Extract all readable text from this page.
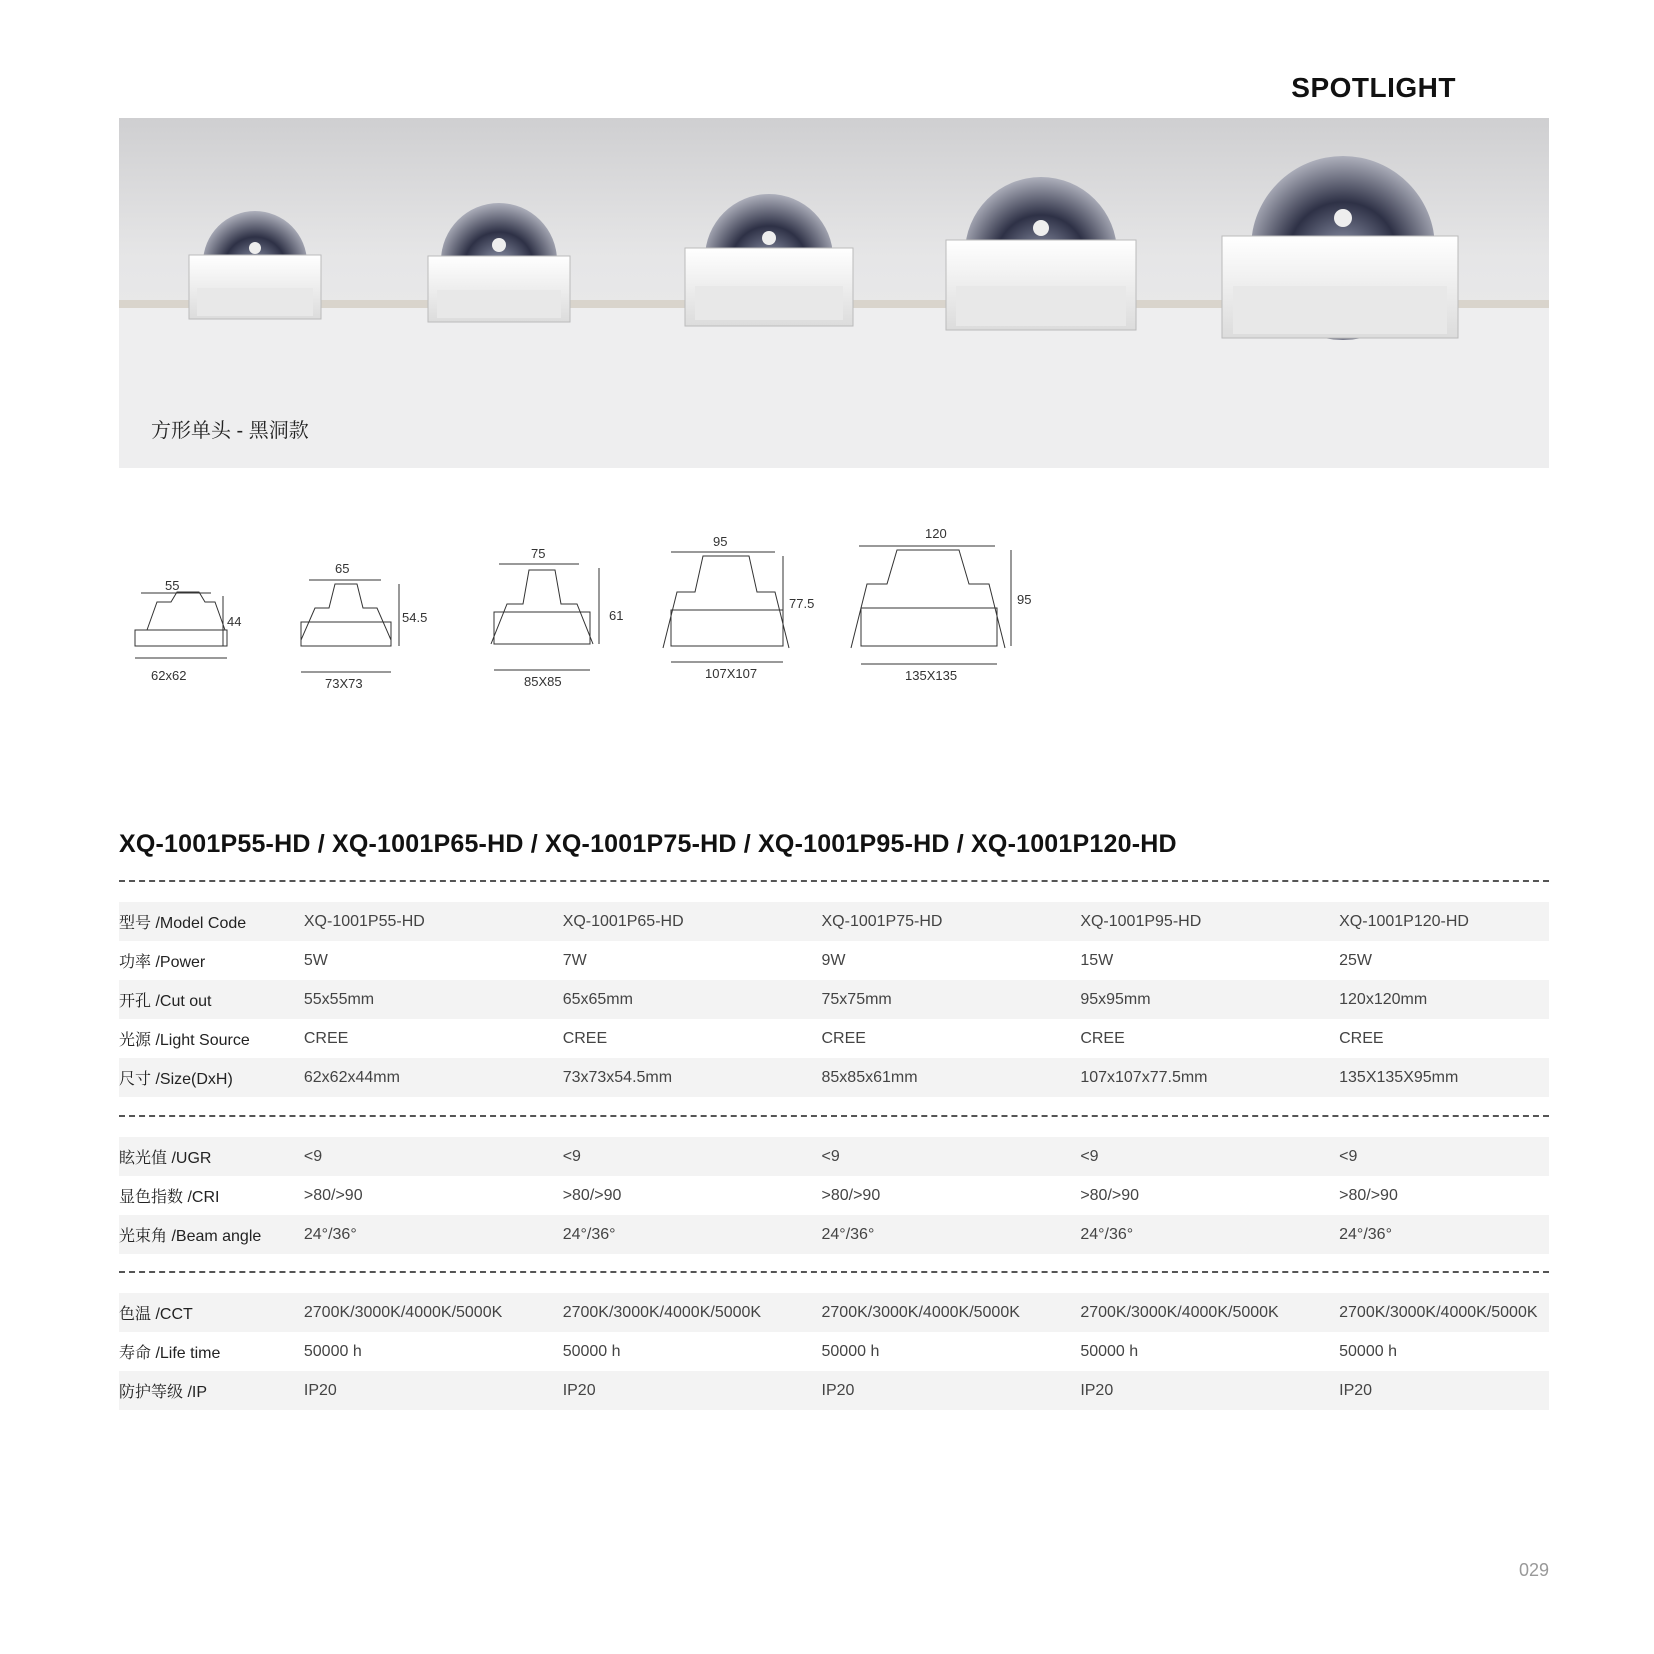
SPOTLIGHT
方形单头 - 黑洞款
55
44
62x62
65
54.5
73X73
75
61
85X85
95
77.5
107X107
120
95
135X135
XQ-1001P55-HD / XQ-1001P65-HD / XQ-1001P75-HD / XQ-1001P95-HD / XQ-1001P120-HD
型号 /Model Code	XQ-1001P55-HD	XQ-1001P65-HD	XQ-1001P75-HD	XQ-1001P95-HD	XQ-1001P120-HD
功率 /Power	5W	7W	9W	15W	25W
开孔 /Cut out	55x55mm	65x65mm	75x75mm	95x95mm	120x120mm
光源 /Light Source	CREE	CREE	CREE	CREE	CREE
尺寸 /Size(DxH)	62x62x44mm	73x73x54.5mm	85x85x61mm	107x107x77.5mm	135X135X95mm
眩光值 /UGR	<9	<9	<9	<9	<9
显色指数 /CRI	>80/>90	>80/>90	>80/>90	>80/>90	>80/>90
光束角 /Beam angle	24°/36°	24°/36°	24°/36°	24°/36°	24°/36°
色温 /CCT	2700K/3000K/4000K/5000K	2700K/3000K/4000K/5000K	2700K/3000K/4000K/5000K	2700K/3000K/4000K/5000K	2700K/3000K/4000K/5000K
寿命 /Life time	50000 h	50000 h	50000 h	50000 h	50000 h
防护等级 /IP	IP20	IP20	IP20	IP20	IP20
029
